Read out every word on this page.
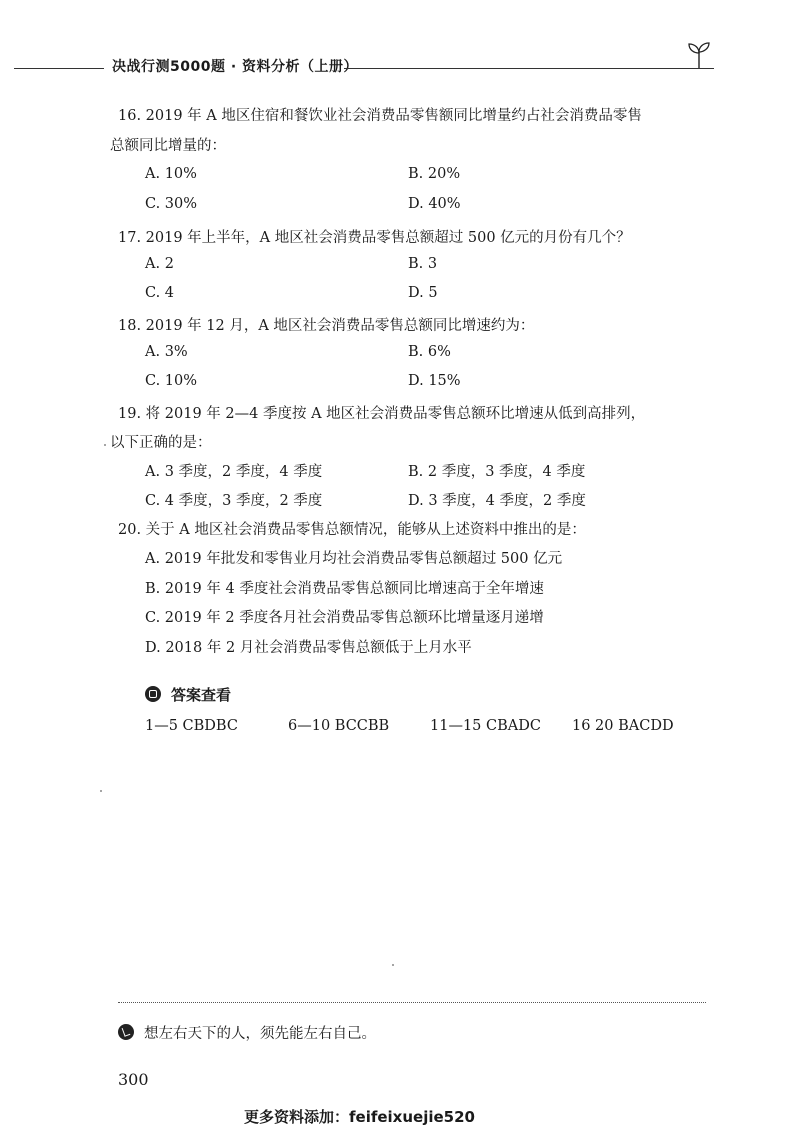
决战行测5000题 · 资料分析（上册）
16. 2019 年 A 地区住宿和餐饮业社会消费品零售额同比增量约占社会消费品零售
总额同比增量的：
A. 10%	B. 20%
C. 30%	D. 40%
17. 2019 年上半年，A 地区社会消费品零售总额超过 500 亿元的月份有几个？
A. 2	B. 3
C. 4	D. 5
18. 2019 年 12 月，A 地区社会消费品零售总额同比增速约为：
A. 3%	B. 6%
C. 10%	D. 15%
19. 将 2019 年 2—4 季度按 A 地区社会消费品零售总额环比增速从低到高排列，
以下正确的是：
A. 3 季度，2 季度，4 季度	B. 2 季度，3 季度，4 季度
C. 4 季度，3 季度，2 季度	D. 3 季度，4 季度，2 季度
20. 关于 A 地区社会消费品零售总额情况，能够从上述资料中推出的是：
A. 2019 年批发和零售业月均社会消费品零售总额超过 500 亿元
B. 2019 年 4 季度社会消费品零售总额同比增速高于全年增速
C. 2019 年 2 季度各月社会消费品零售总额环比增量逐月递增
D. 2018 年 2 月社会消费品零售总额低于上月水平
答案查看
1—5 CBDBC	6—10 BCCBB	11—15 CBADC 16 20 BACDD
想左右天下的人，须先能左右自己。
300
更多资料添加：feifeixuejie520
